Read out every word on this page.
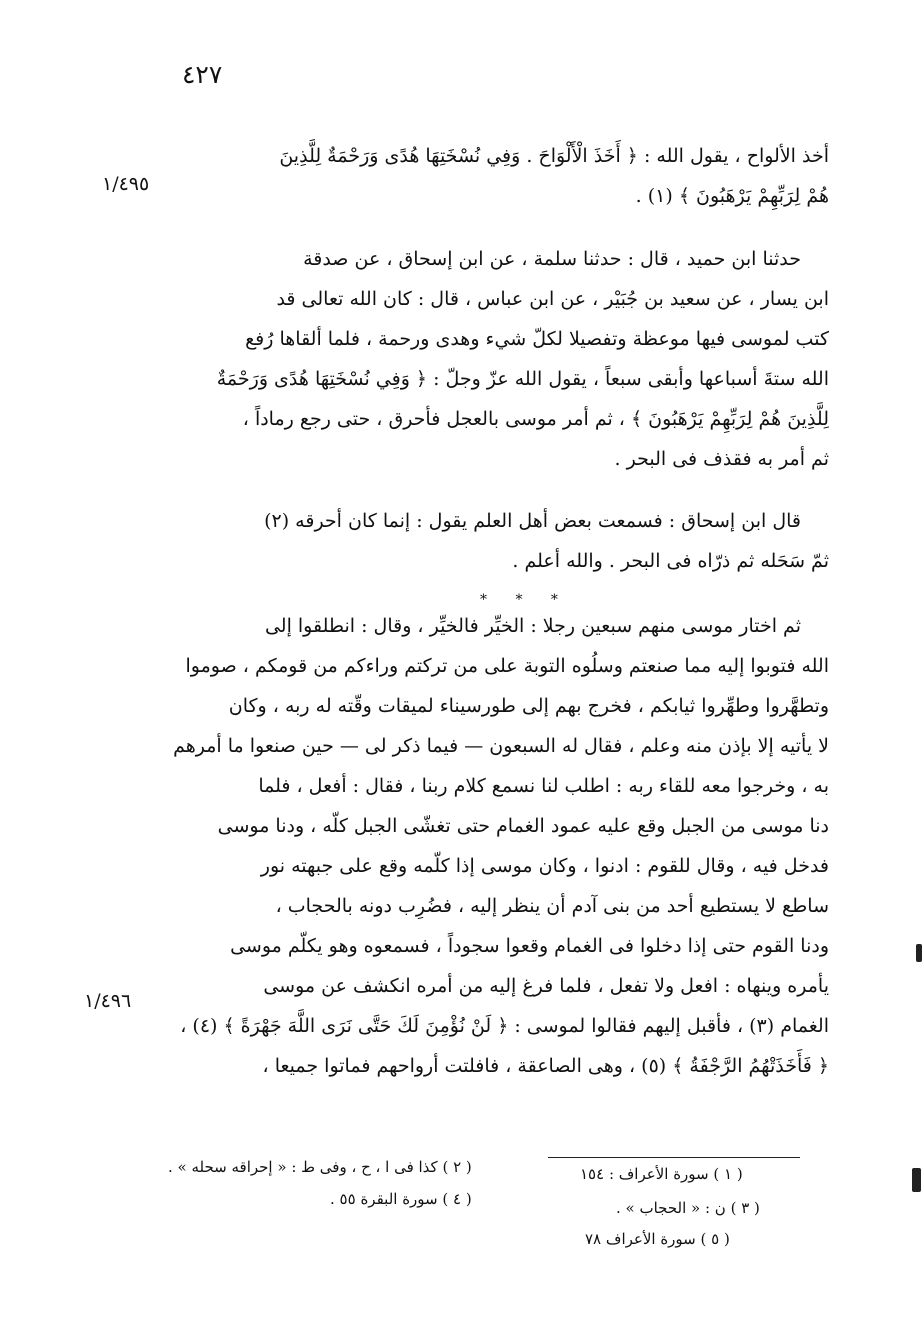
٤٢٧
١/٤٩٥
١/٤٩٦
أخذ الألواح ، يقول الله : ﴿ أَخَذَ الْأَلْوَاحَ . وَفِي نُسْخَتِهَا هُدًى وَرَحْمَةٌ لِلَّذِينَ
هُمْ لِرَبِّهِمْ يَرْهَبُونَ ﴾ (١) .
حدثنا ابن حميد ، قال : حدثنا سلمة ، عن ابن إسحاق ، عن صدقة
ابن يسار ، عن سعيد بن جُبَيْر ، عن ابن عباس ، قال : كان الله تعالى قد
كتب لموسى فيها موعظة وتفصيلا لكلّ شيء وهدى ورحمة ، فلما ألقاها رُفع
الله ستةَ أسباعها وأبقى سبعاً ، يقول الله عزّ وجلّ : ﴿ وَفِي نُسْخَتِهَا هُدًى وَرَحْمَةٌ
لِلَّذِينَ هُمْ لِرَبِّهِمْ يَرْهَبُونَ ﴾ ، ثم أمر موسى بالعجل فأحرق ، حتى رجع رماداً ،
ثم أمر به فقذف فى البحر .
قال ابن إسحاق : فسمعت بعض أهل العلم يقول : إنما كان أحرقه (٢)
ثمّ سَحَله ثم ذرّاه فى البحر . والله أعلم .
* * *
ثم اختار موسى منهم سبعين رجلا : الخيِّر فالخيِّر ، وقال : انطلقوا إلى
الله فتوبوا إليه مما صنعتم وسلُوه التوبة على من تركتم وراءكم من قومكم ، صوموا
وتطهَّروا وطهِّروا ثيابكم ، فخرج بهم إلى طورسيناء لميقات وقّته له ربه ، وكان
لا يأتيه إلا بإذن منه وعلم ، فقال له السبعون — فيما ذكر لى — حين صنعوا ما أمرهم
به ، وخرجوا معه للقاء ربه : اطلب لنا نسمع كلام ربنا ، فقال : أفعل ، فلما
دنا موسى من الجبل وقع عليه عمود الغمام حتى تغشّى الجبل كلّه ، ودنا موسى
فدخل فيه ، وقال للقوم : ادنوا ، وكان موسى إذا كلّمه وقع على جبهته نور
ساطع لا يستطيع أحد من بنى آدم أن ينظر إليه ، فضُرِب دونه بالحجاب ،
ودنا القوم حتى إذا دخلوا فى الغمام وقعوا سجوداً ، فسمعوه وهو يكلّم موسى
يأمره وينهاه : افعل ولا تفعل ، فلما فرغ إليه من أمره انكشف عن موسى
الغمام (٣) ، فأقبل إليهم فقالوا لموسى : ﴿ لَنْ نُؤْمِنَ لَكَ حَتَّى نَرَى اللَّهَ جَهْرَةً ﴾ (٤) ،
﴿ فَأَخَذَتْهُمُ الرَّجْفَةُ ﴾ (٥) ، وهى الصاعقة ، فافلتت أرواحهم فماتوا جميعا ،
( ١ ) سورة الأعراف : ١٥٤
( ٢ ) كذا فى ا ، ح ، وفى ط : « إحراقه سحله » .
( ٣ ) ن : « الحجاب » .
( ٤ ) سورة البقرة ٥٥ .
( ٥ ) سورة الأعراف ٧٨
